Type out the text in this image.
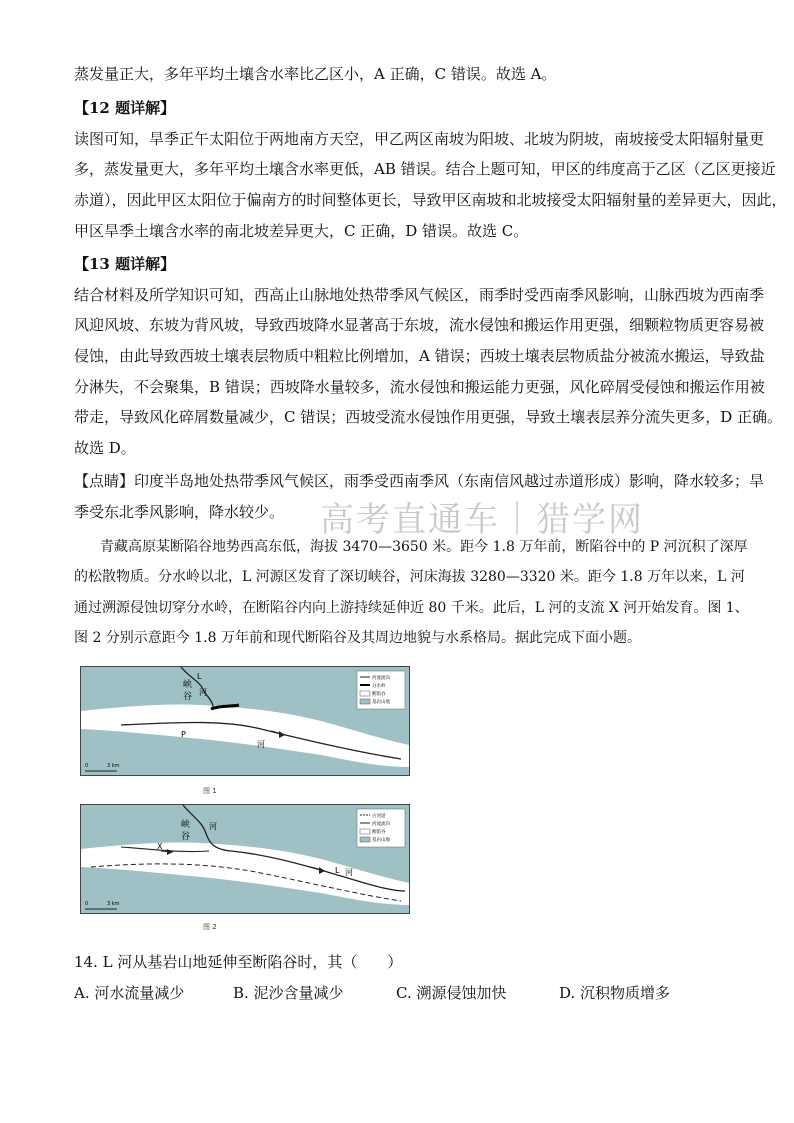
蒸发量正大，多年平均土壤含水率比乙区小，A 正确，C 错误。故选 A。
【12 题详解】
读图可知，旱季正午太阳位于两地南方天空，甲乙两区南坡为阳坡、北坡为阴坡，南坡接受太阳辐射量更
多，蒸发量更大，多年平均土壤含水率更低，AB 错误。结合上题可知，甲区的纬度高于乙区（乙区更接近
赤道），因此甲区太阳位于偏南方的时间整体更长，导致甲区南坡和北坡接受太阳辐射量的差异更大，因此，
甲区旱季土壤含水率的南北坡差异更大，C 正确，D 错误。故选 C。
【13 题详解】
结合材料及所学知识可知，西高止山脉地处热带季风气候区，雨季时受西南季风影响，山脉西坡为西南季
风迎风坡、东坡为背风坡，导致西坡降水显著高于东坡，流水侵蚀和搬运作用更强，细颗粒物质更容易被
侵蚀，由此导致西坡土壤表层物质中粗粒比例增加，A 错误；西坡土壤表层物质盐分被流水搬运，导致盐
分淋失，不会聚集，B 错误；西坡降水量较多，流水侵蚀和搬运能力更强，风化碎屑受侵蚀和搬运作用被
带走，导致风化碎屑数量减少，C 错误；西坡受流水侵蚀作用更强，导致土壤表层养分流失更多，D 正确。
故选 D。
【点睛】印度半岛地处热带季风气候区，雨季受西南季风（东南信风越过赤道形成）影响，降水较多；旱
季受东北季风影响，降水较少。 高考直通车｜猎学网
青藏高原某断陷谷地势西高东低，海拔 3470—3650 米。距今 1.8 万年前，断陷谷中的 P 河沉积了深厚
的松散物质。分水岭以北，L 河源区发育了深切峡谷，河床海拔 3280—3320 米。距今 1.8 万年以来，L 河
通过溯源侵蚀切穿分水岭，在断陷谷内向上游持续延伸近 80 千米。此后，L 河的支流 X 河开始发育。图 1、
图 2 分别示意距今 1.8 万年前和现代断陷谷及其周边地貌与水系格局。据此完成下面小题。
峡
谷
L
河
P
河
河流流向
分水岭
断陷谷
基岩山地
0	3 km
图 1
峡
谷
X
河
L 河
古河道
河流流向
断陷谷
基岩山地
0	3 km
图 2
14. L 河从基岩山地延伸至断陷谷时，其（　　）
A. 河水流量减少	B. 泥沙含量减少	C. 溯源侵蚀加快	D. 沉积物质增多
